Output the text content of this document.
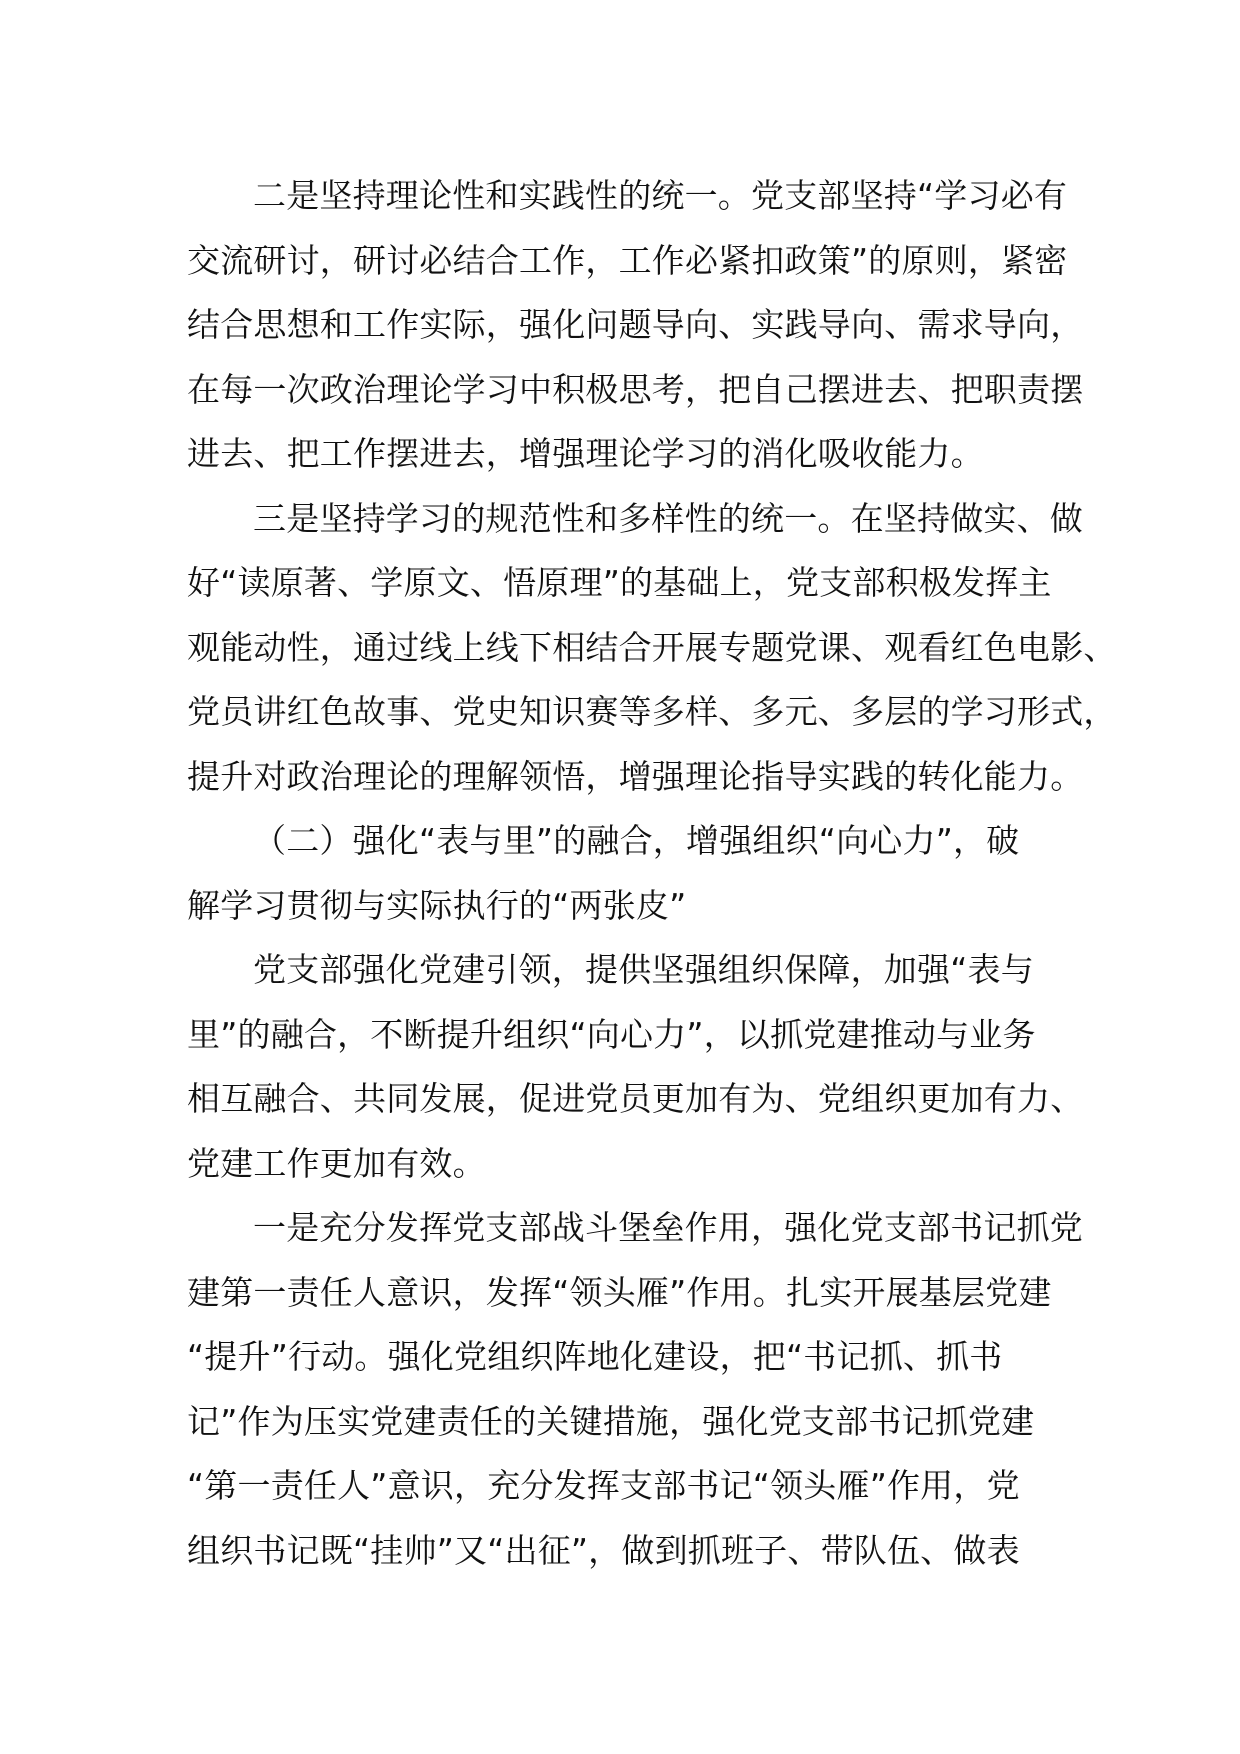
二是坚持理论性和实践性的统一。党支部坚持“学习必有
交流研讨，研讨必结合工作，工作必紧扣政策”的原则，紧密
结合思想和工作实际，强化问题导向、实践导向、需求导向，
在每一次政治理论学习中积极思考，把自己摆进去、把职责摆
进去、把工作摆进去，增强理论学习的消化吸收能力。
三是坚持学习的规范性和多样性的统一。在坚持做实、做
好“读原著、学原文、悟原理”的基础上，党支部积极发挥主
观能动性，通过线上线下相结合开展专题党课、观看红色电影、
党员讲红色故事、党史知识赛等多样、多元、多层的学习形式，
提升对政治理论的理解领悟，增强理论指导实践的转化能力。
（二）强化“表与里”的融合，增强组织“向心力”，破
解学习贯彻与实际执行的“两张皮”
党支部强化党建引领，提供坚强组织保障，加强“表与
里”的融合，不断提升组织“向心力”，以抓党建推动与业务
相互融合、共同发展，促进党员更加有为、党组织更加有力、
党建工作更加有效。
一是充分发挥党支部战斗堡垒作用，强化党支部书记抓党
建第一责任人意识，发挥“领头雁”作用。扎实开展基层党建
“提升”行动。强化党组织阵地化建设，把“书记抓、抓书
记”作为压实党建责任的关键措施，强化党支部书记抓党建
“第一责任人”意识，充分发挥支部书记“领头雁”作用，党
组织书记既“挂帅”又“出征”，做到抓班子、带队伍、做表
